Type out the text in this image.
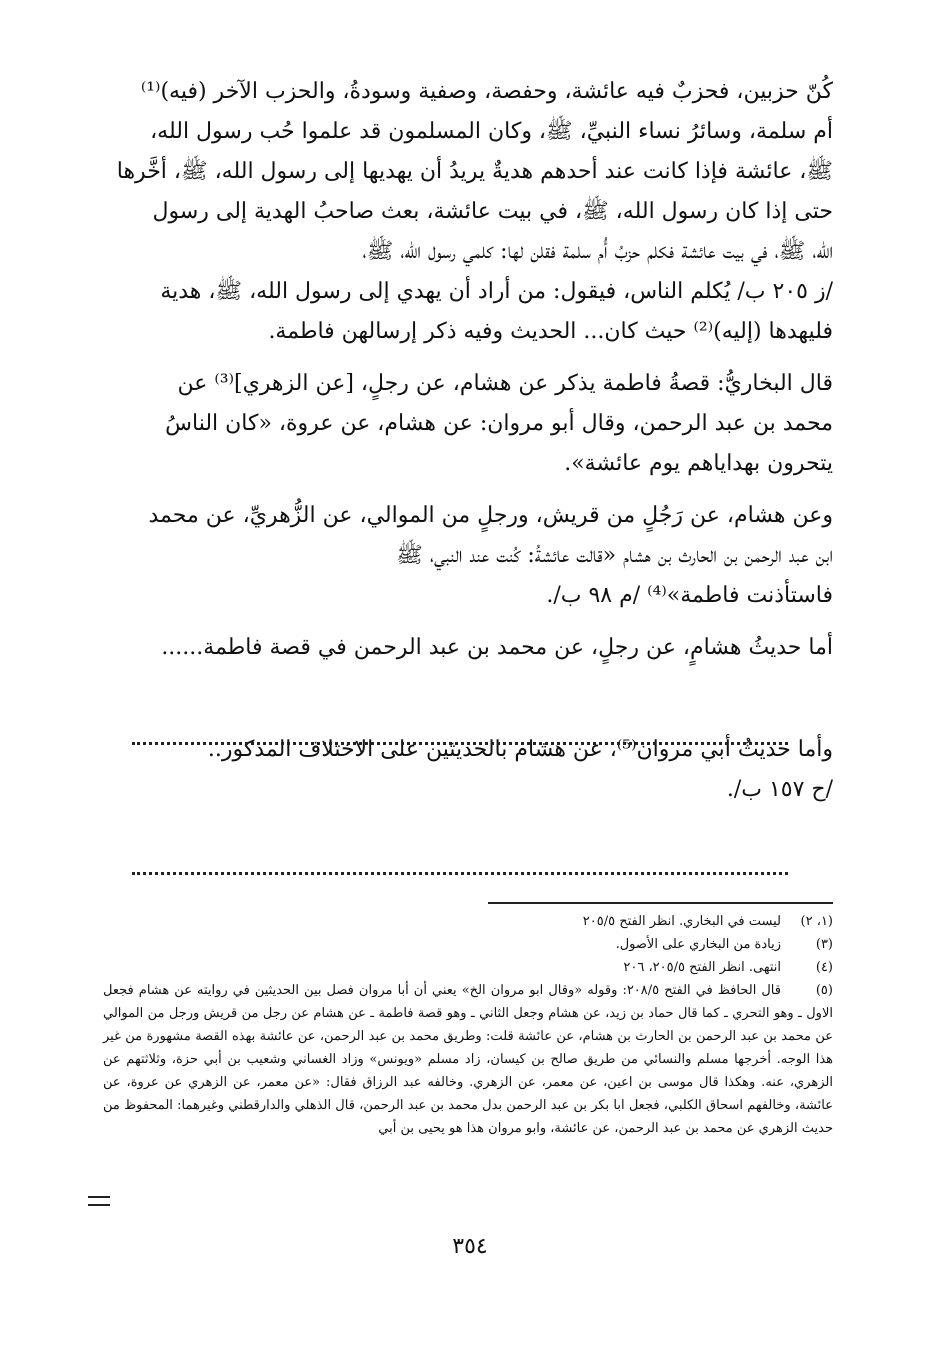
كُنّ حزبين، فحزبٌ فيه عائشة، وحفصة، وصفية وسودةُ، والحزب الآخر (فيه)⁽¹⁾
أم سلمة، وسائرُ نساء النبيِّ، ﷺ، وكان المسلمون قد علموا حُب رسول الله،
ﷺ، عائشة فإذا كانت عند أحدهم هديةٌ يريدُ أن يهديها إلى رسول الله، ﷺ، أخَّرها
حتى إذا كان رسول الله، ﷺ، في بيت عائشة، بعث صاحبُ الهدية إلى رسول
الله، ﷺ، في بيت عائشة فكلم حزبُ أُم سلمة فقلن لها: كلمي رسول الله، ﷺ،
/ز ٢٠٥ ب/ يُكلم الناس، فيقول: من أراد أن يهدي إلى رسول الله، ﷺ، هدية
فليهدها (إليه)⁽²⁾ حيث كان... الحديث وفيه ذكر إرسالهن فاطمة.

قال البخاريُّ: قصةُ فاطمة يذكر عن هشام، عن رجلٍ، [عن الزهري]⁽³⁾ عن
محمد بن عبد الرحمن، وقال أبو مروان: عن هشام، عن عروة، «كان الناسُ
يتحرون بهداياهم يوم عائشة».

وعن هشام، عن رَجُلٍ من قريش، ورجلٍ من الموالي، عن الزُّهريِّ، عن محمد
ابن عبد الرحمن بن الحارث بن هشام «قالت عائشةُ: كُنت عند النبي، ﷺ
فاستأذنت فاطمة»⁽⁴⁾ /م ٩٨ ب/.

أما حديثُ هشامٍ، عن رجلٍ، عن محمد بن عبد الرحمن في قصة فاطمة......

وأما حديثُ أبي مروان⁽⁵⁾، عن هشام بالحديثين على الاختلاف المذكور..
/ح ١٥٧ ب/.

(١، ٢)ليست في البخاري. انظر الفتح ٢٠٥/٥

(٣)زيادة من البخاري على الأصول.

(٤)انتهى. انظر الفتح ٢٠٥/٥، ٢٠٦

(٥)قال الحافظ في الفتح ٢٠٨/٥: وقوله «وقال ابو مروان الخ» يعني أن أبا مروان فصل بين الحديثين في روايته عن هشام فجعل الاول ـ وهو التحري ـ كما قال حماد بن زيد، عن هشام وجعل الثاني ـ وهو قصة فاطمة ـ عن هشام عن رجل من قريش ورجل من الموالي عن محمد بن عبد الرحمن بن الحارث بن هشام، عن عائشة قلت: وطريق محمد بن عبد الرحمن، عن عائشة بهذه القصة مشهورة من غير هذا الوجه. أخرجها مسلم والنسائي من طريق صالح بن كيسان، زاد مسلم «ويونس» وزاد الغساني وشعيب بن أبي حزة، وثلاثتهم عن الزهري، عنه. وهكذا قال موسى بن اعين، عن معمر، عن الزهري. وخالفه عبد الرزاق فقال: «عن معمر، عن الزهري عن عروة، عن عائشة، وخالفهم اسحاق الكلبي، فجعل ابا بكر بن عبد الرحمن بدل محمد بن عبد الرحمن، قال الذهلي والدارقطني وغيرهما: المحفوظ من حديث الزهري عن محمد بن عبد الرحمن، عن عائشة، وابو مروان هذا هو يحيى بن أبي

٣٥٤
